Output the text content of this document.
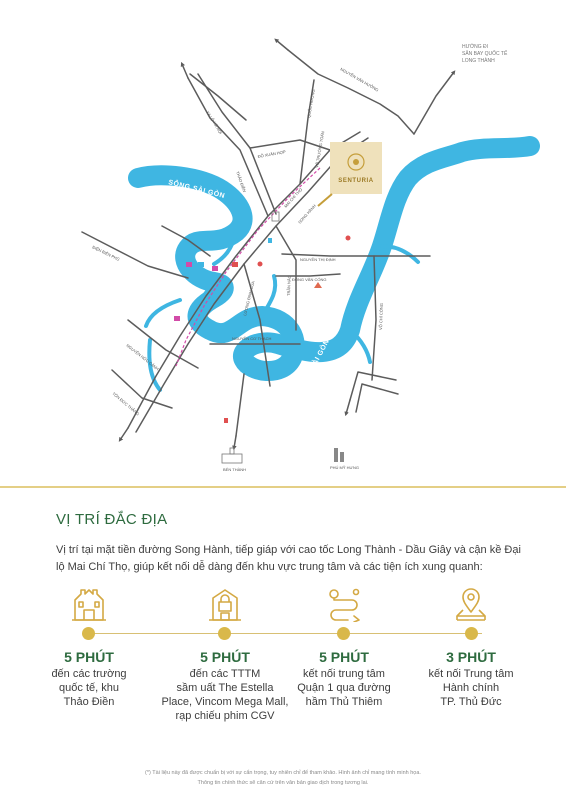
SÔNG SÀI GÒN
SÔNG SÀI GÒN
NGUYỄN VĂN HƯỞNG
XA LỘ HÀ NỘI
QUỐC HƯƠNG
VÕ TRƯỜNG TOẢN
ĐỖ XUÂN HỢP
THẢO ĐIỀN
MAI CHÍ THỌ
SONG HÀNH
NGUYỄN THỊ ĐỊNH
ĐỒNG VĂN CỐNG
VÕ CHÍ CÔNG
LƯƠNG ĐỊNH CỦA	TRẦN NÃO
NGUYỄN CƠ THẠCH
NGUYỄN HỮU CẢNH
TÔN ĐỨC THẮNG
ĐIỆN BIÊN PHỦ
BẾN THÀNH	PHÚ MỸ HƯNG
SENTURIA
HƯỚNG ĐI
SÂN BAY QUỐC TẾ
LONG THÀNH
VỊ TRÍ ĐẮC ĐỊA
Vị trí tại mặt tiền đường Song Hành, tiếp giáp với cao tốc Long Thành - Dầu Giây và cận kề Đại lộ Mai Chí Thọ, giúp kết nối dễ dàng đến khu vực trung tâm và các tiện ích xung quanh:
5 PHÚT
đến các trường
quốc tế, khu
Thảo Điền
5 PHÚT
đến các TTTM
sầm uất The Estella
Place, Vincom Mega Mall,
rạp chiếu phim CGV
5 PHÚT
kết nối trung tâm
Quận 1 qua đường
hầm Thủ Thiêm
3 PHÚT
kết nối Trung tâm
Hành chính
TP. Thủ Đức
(*) Tài liệu này đã được chuẩn bị với sự cẩn trọng, tuy nhiên chỉ để tham khảo. Hình ảnh chỉ mang tính minh họa.
Thông tin chính thức sẽ căn cứ trên văn bản giao dịch trong tương lai.
